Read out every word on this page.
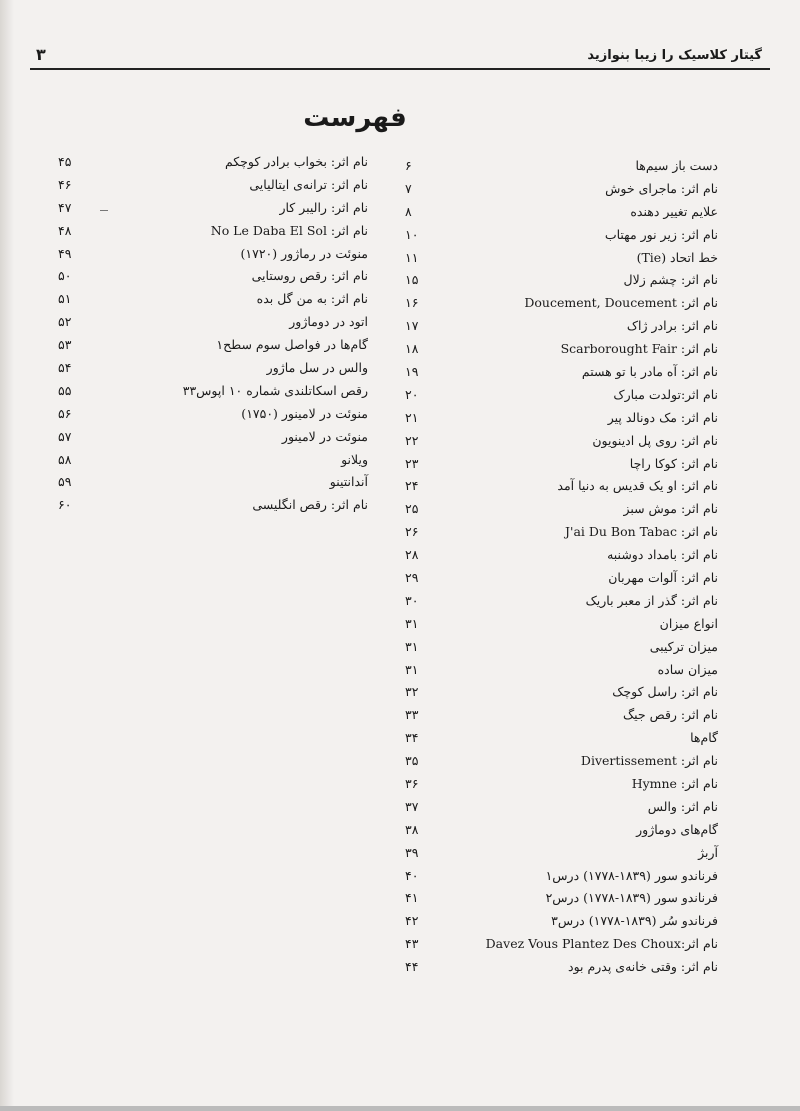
۳	گیتار کلاسیک را زیبا بنوازید
فهرست
دست باز سیم‌ها
۶
نام اثر: ماجرای خوش
۷
علایم تغییر دهنده
۸
نام اثر: زیر نور مهتاب
۱۰
خط اتحاد (Tie)
۱۱
نام اثر: چشم زلال
۱۵
نام اثر: Doucement, Doucement
۱۶
نام اثر: برادر ژاک
۱۷
نام اثر: Scarborought Fair
۱۸
نام اثر: آه مادر با تو هستم
۱۹
نام اثر:تولدت مبارک
۲۰
نام اثر: مک دونالد پیر
۲۱
نام اثر: روی پل ادینویون
۲۲
نام اثر: کوکا راچا
۲۳
نام اثر: او یک قدیس به دنیا آمد
۲۴
نام اثر: موش سبز
۲۵
نام اثر: J'ai Du Bon Tabac
۲۶
نام اثر: بامداد دوشنبه
۲۸
نام اثر: آلوات مهربان
۲۹
نام اثر: گذر از معبر باریک
۳۰
انواع میزان
۳۱
میزان ترکیبی
۳۱
میزان ساده
۳۱
نام اثر: راسل کوچک
۳۲
نام اثر: رقص جیگ
۳۳
گام‌ها
۳۴
نام اثر: Divertissement
۳۵
نام اثر: Hymne
۳۶
نام اثر: والس
۳۷
گام‌های دوماژور
۳۸
آربژ
۳۹
فرناندو سور (۱۸۳۹-۱۷۷۸) درس۱
۴۰
فرناندو سور (۱۸۳۹-۱۷۷۸) درس۲
۴۱
فرناندو سُر (۱۸۳۹-۱۷۷۸) درس۳
۴۲
نام اثر:Davez Vous Plantez Des Choux
۴۳
نام اثر: وقتی خانه‌ی پدرم بود
۴۴
نام اثر: بخواب برادر کوچکم
۴۵
نام اثر: ترانه‌ی ایتالیایی
۴۶
نام اثر: رالیبر کار
۴۷
نام اثر: No Le Daba El Sol
۴۸
منوئت در رماژور (۱۷۲۰)
۴۹
نام اثر: رقص روستایی
۵۰
نام اثر: به من گل بده
۵۱
اتود در دوماژور
۵۲
گام‌ها در فواصل سوم سطح۱
۵۳
والس در سل ماژور
۵۴
رقص اسکاتلندی شماره ۱۰ اپوس۳۳
۵۵
منوئت در لامینور (۱۷۵۰)
۵۶
منوئت در لامینور
۵۷
ویلانو
۵۸
آندانتینو
۵۹
نام اثر: رقص انگلیسی
۶۰
